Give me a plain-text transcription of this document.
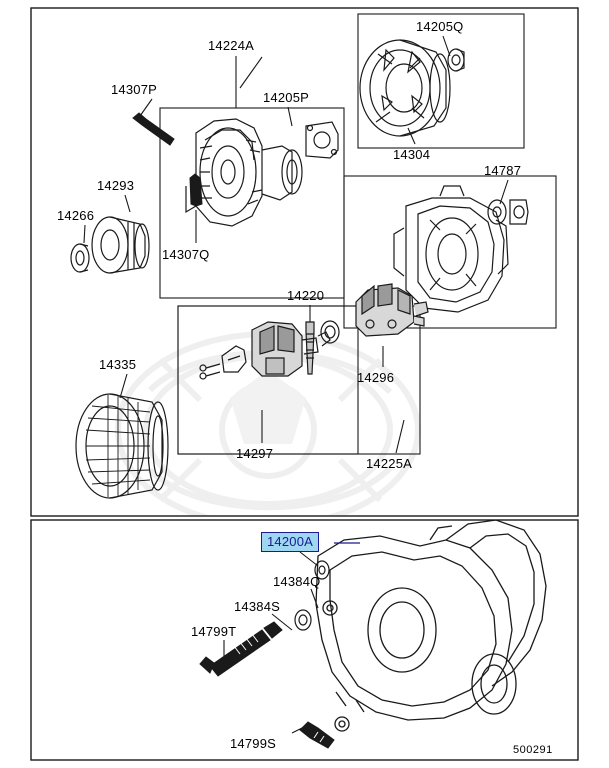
14307P
14224A
14205P
14205Q
14304
14787
14293
14266
14307Q
14220
14335
14296
14297
14225A
14200A
14384Q
14384S
14799T
14799S	500291
